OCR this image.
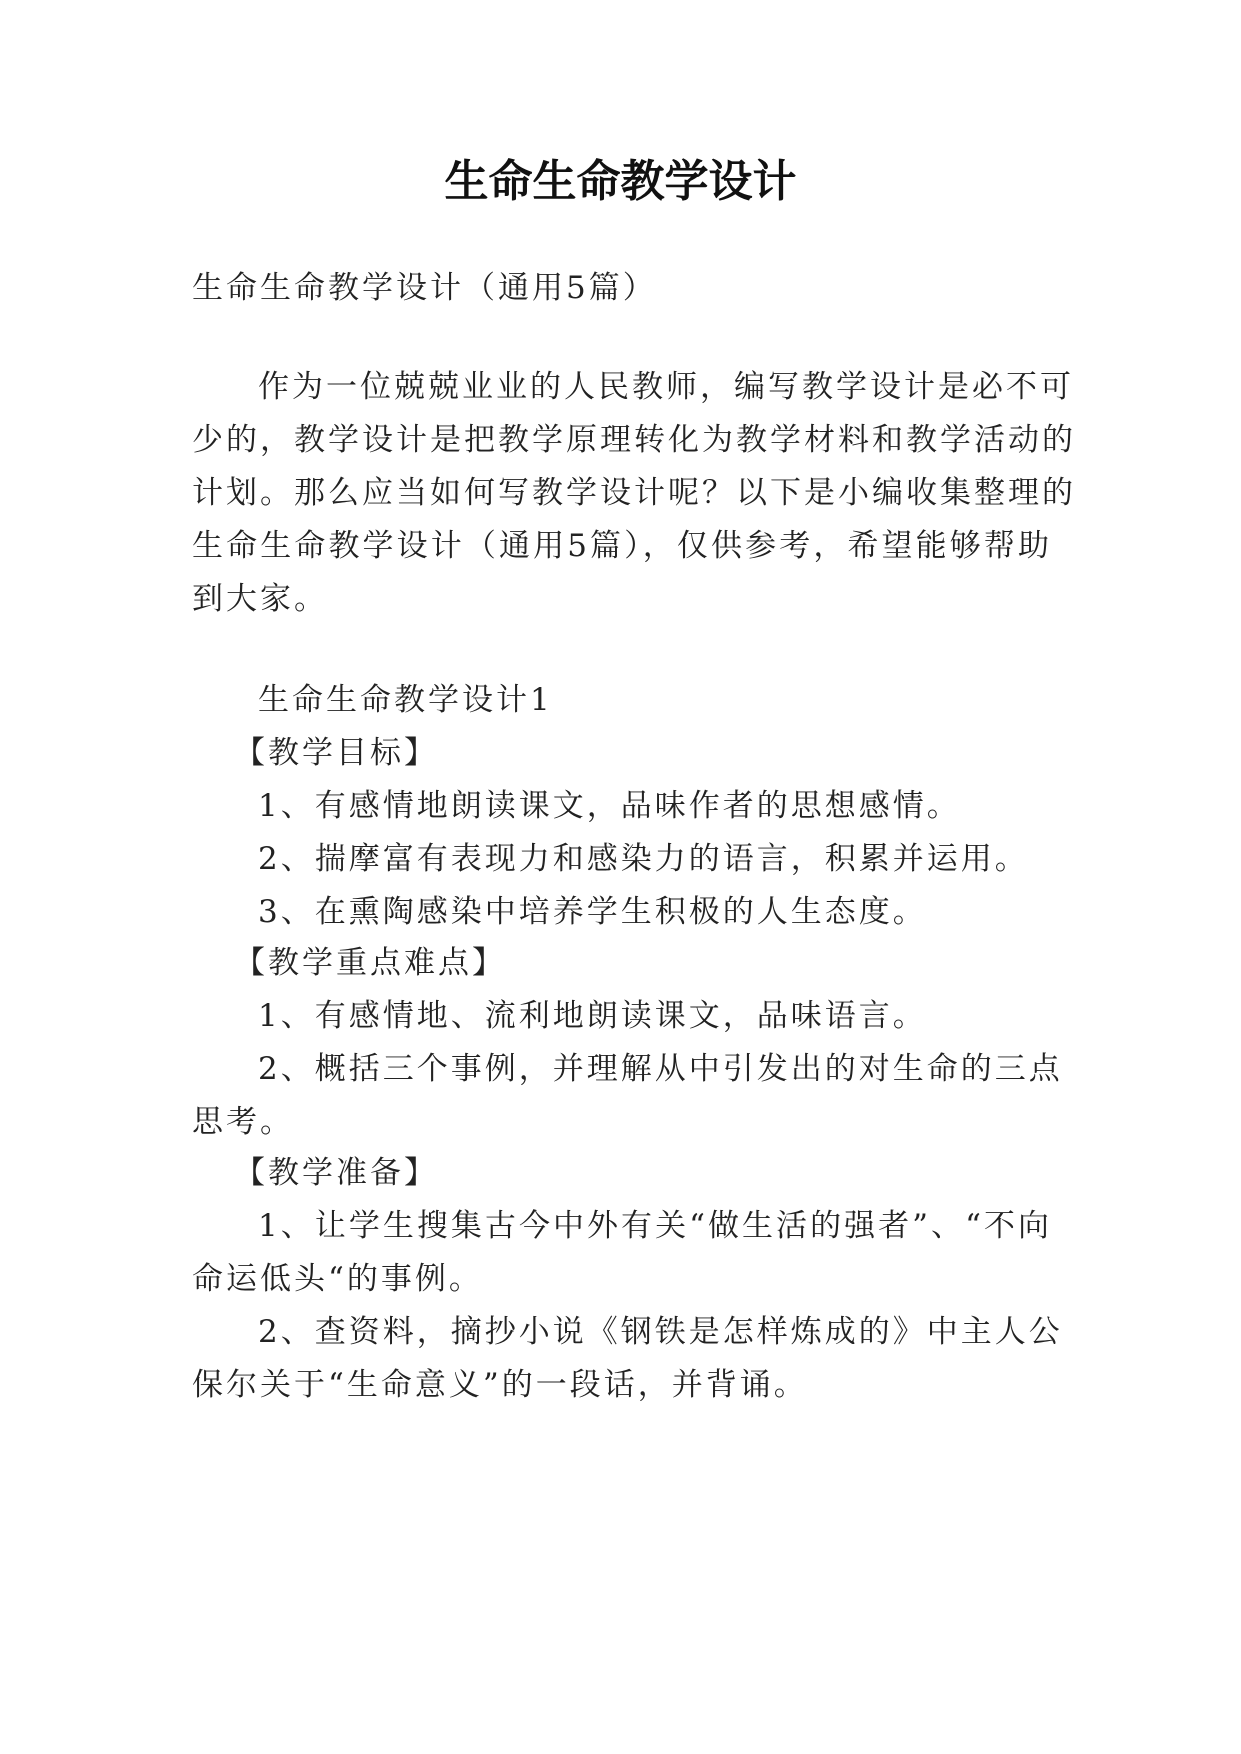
生命生命教学设计

生命生命教学设计（通用5篇）

作为一位兢兢业业的人民教师，编写教学设计是必不可

少的，教学设计是把教学原理转化为教学材料和教学活动的

计划。那么应当如何写教学设计呢？以下是小编收集整理的

生命生命教学设计（通用5篇），仅供参考，希望能够帮助

到大家。

生命生命教学设计1

【教学目标】

1、有感情地朗读课文，品味作者的思想感情。

2、揣摩富有表现力和感染力的语言，积累并运用。

3、在熏陶感染中培养学生积极的人生态度。

【教学重点难点】

1、有感情地、流利地朗读课文，品味语言。

2、概括三个事例，并理解从中引发出的对生命的三点

思考。

【教学准备】

1、让学生搜集古今中外有关“做生活的强者”、“不向

命运低头“的事例。

2、查资料，摘抄小说《钢铁是怎样炼成的》中主人公

保尔关于“生命意义”的一段话，并背诵。
